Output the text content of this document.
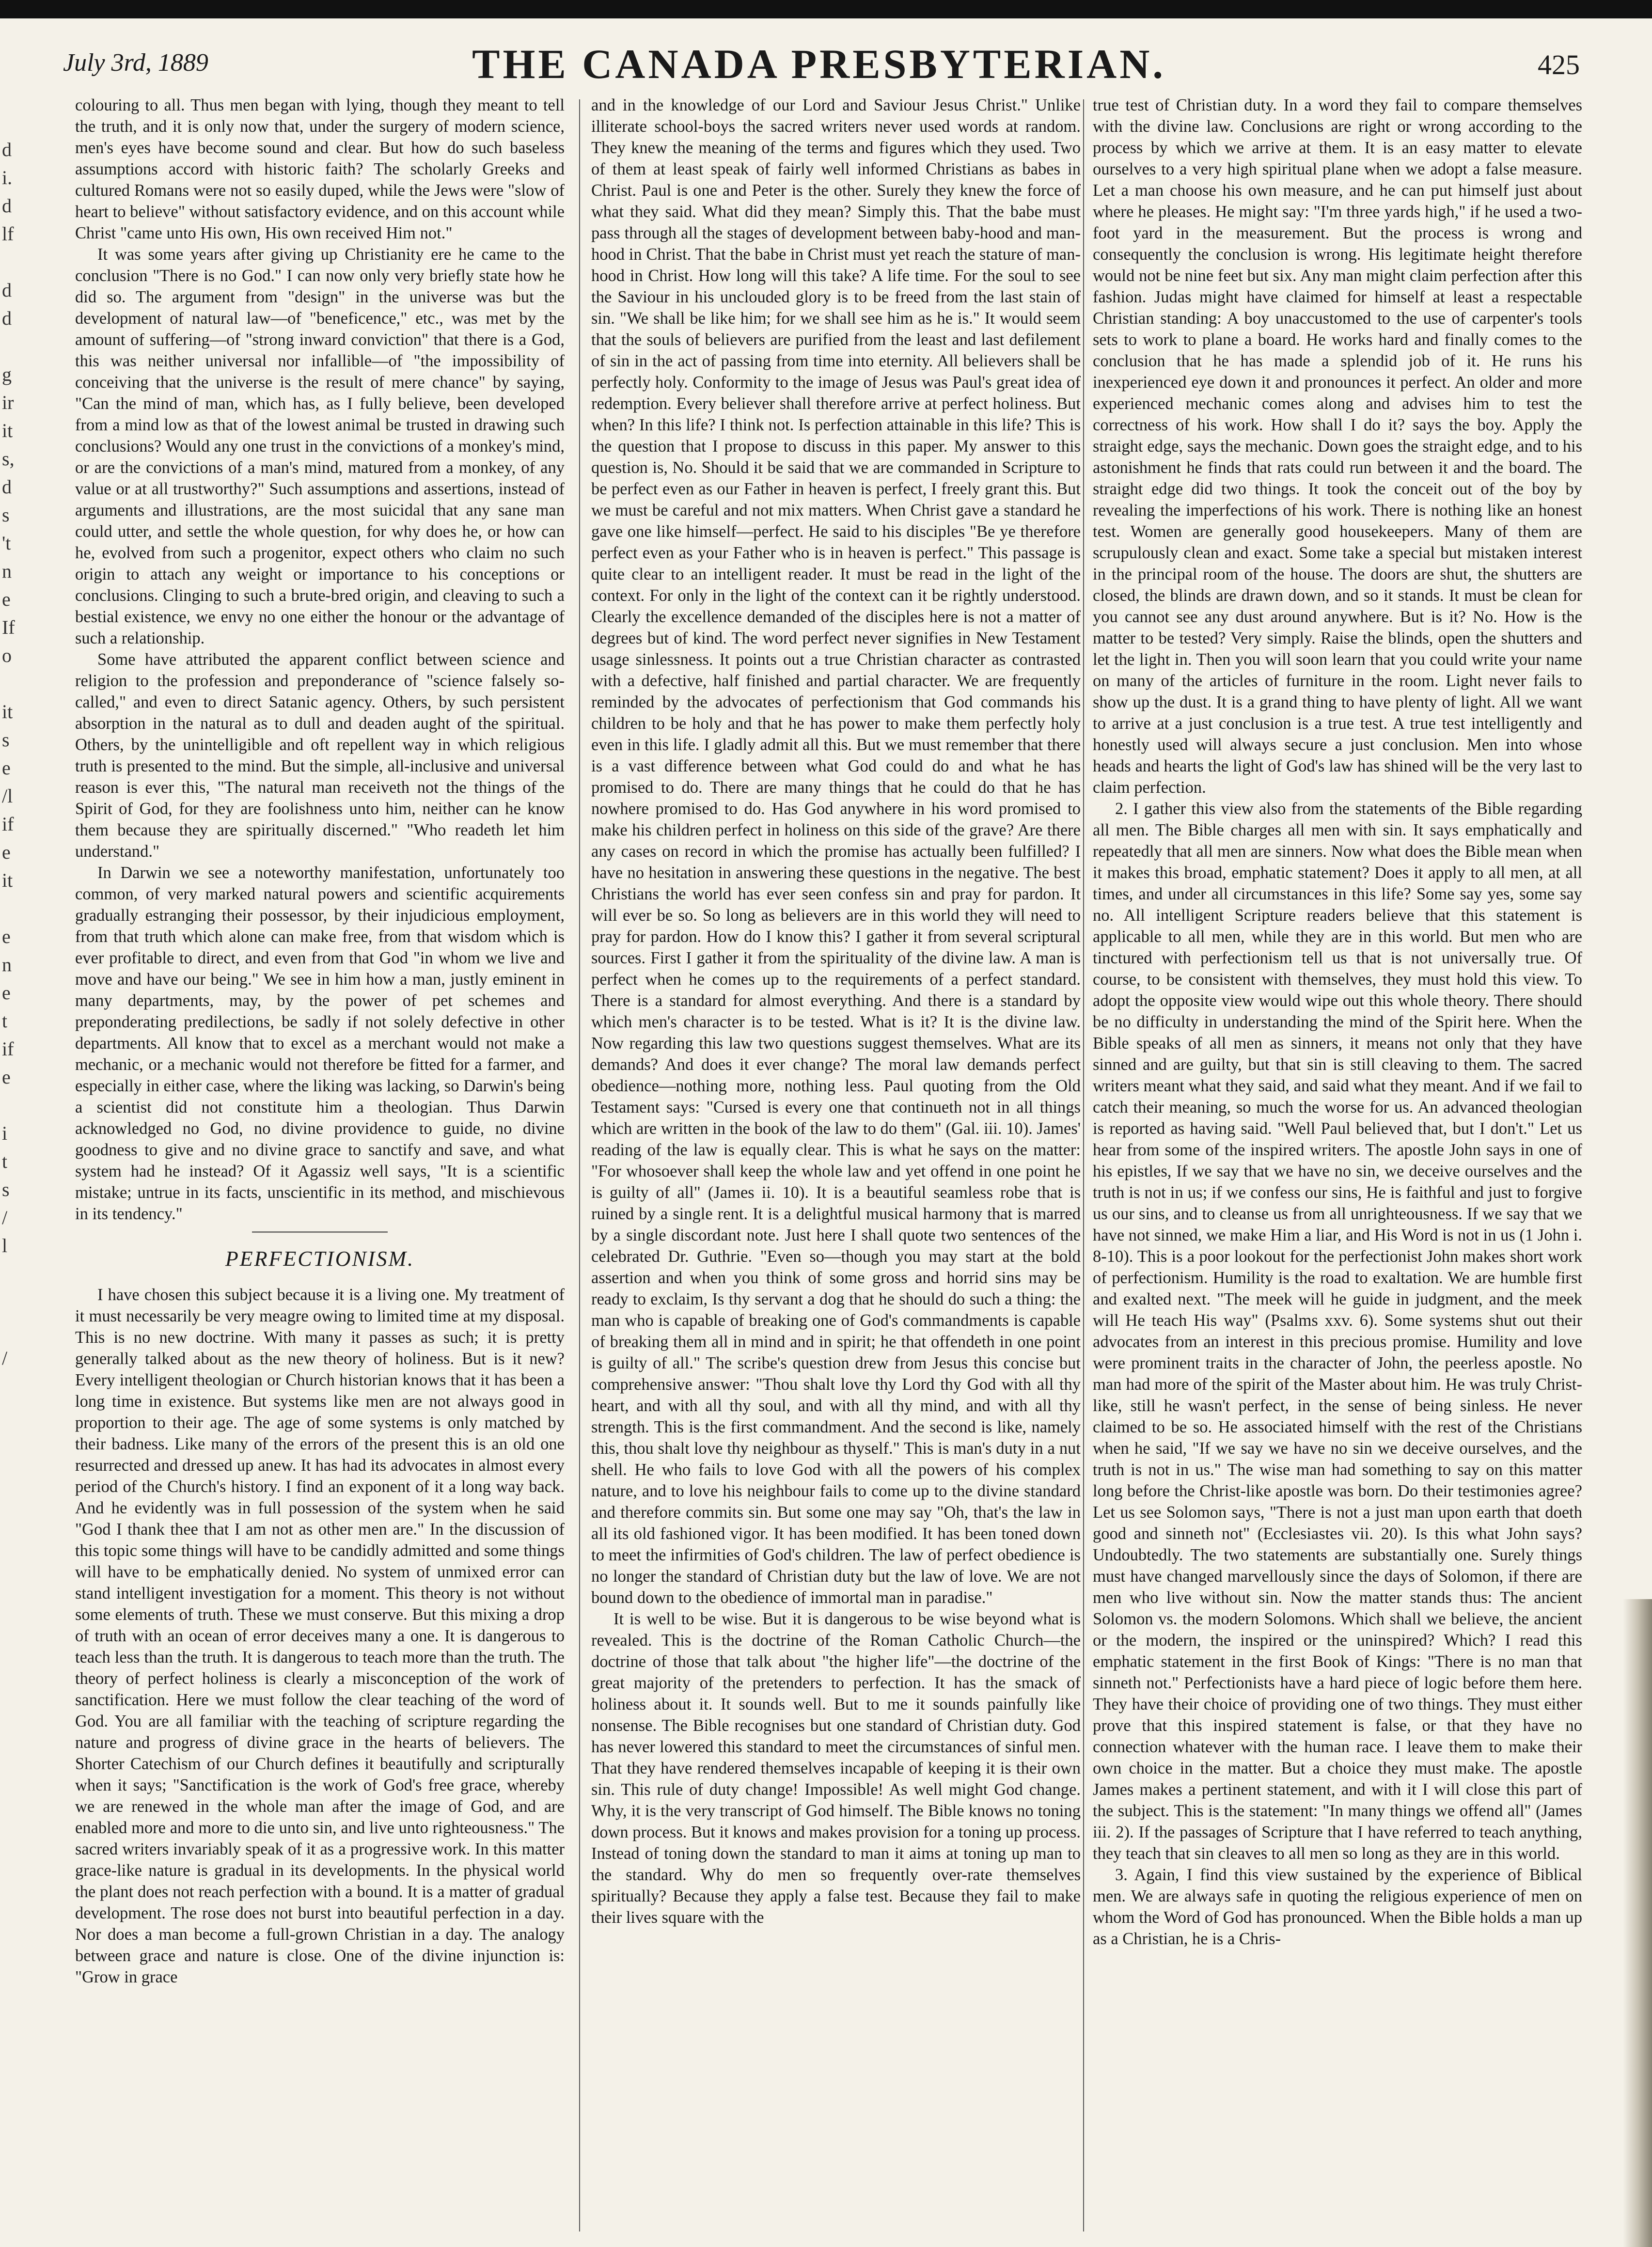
July 3rd, 1889	THE CANADA PRESBYTERIAN.	425
d
i.
d
lf

d
d

g
ir
it
s,
d
s
't
n
e
If
o

it
s
e
/l
if
e
it

e
n
e
t
if
e

i
t
s
/
l

/

colouring to all. Thus men began with lying, though they meant to tell the truth, and it is only now that, under the surgery of modern science, men's eyes have become sound and clear. But how do such baseless assumptions accord with historic faith? The scholarly Greeks and cultured Romans were not so easily duped, while the Jews were "slow of heart to believe" without satisfactory evidence, and on this account while Christ "came unto His own, His own received Him not."

It was some years after giving up Christianity ere he came to the conclusion "There is no God." I can now only very briefly state how he did so. The argument from "design" in the universe was but the development of natural law—of "beneficence," etc., was met by the amount of suffering—of "strong inward conviction" that there is a God, this was neither universal nor infallible—of "the impossibility of conceiving that the universe is the result of mere chance" by saying, "Can the mind of man, which has, as I fully believe, been developed from a mind low as that of the lowest animal be trusted in drawing such conclusions? Would any one trust in the convictions of a monkey's mind, or are the convictions of a man's mind, matured from a monkey, of any value or at all trustworthy?" Such assumptions and assertions, instead of arguments and illustrations, are the most suicidal that any sane man could utter, and settle the whole question, for why does he, or how can he, evolved from such a progenitor, expect others who claim no such origin to attach any weight or importance to his conceptions or conclusions. Clinging to such a brute-bred origin, and cleaving to such a bestial existence, we envy no one either the honour or the advantage of such a relationship.

Some have attributed the apparent conflict between science and religion to the profession and preponderance of "science falsely so-called," and even to direct Satanic agency. Others, by such persistent absorption in the natural as to dull and deaden aught of the spiritual. Others, by the unintelligible and oft repellent way in which religious truth is presented to the mind. But the simple, all-inclusive and universal reason is ever this, "The natural man receiveth not the things of the Spirit of God, for they are foolishness unto him, neither can he know them because they are spiritually discerned." "Who readeth let him understand."

In Darwin we see a noteworthy manifestation, unfortunately too common, of very marked natural powers and scientific acquirements gradually estranging their possessor, by their injudicious employment, from that truth which alone can make free, from that wisdom which is ever profitable to direct, and even from that God "in whom we live and move and have our being." We see in him how a man, justly eminent in many departments, may, by the power of pet schemes and preponderating predilections, be sadly if not solely defective in other departments. All know that to excel as a merchant would not make a mechanic, or a mechanic would not therefore be fitted for a farmer, and especially in either case, where the liking was lacking, so Darwin's being a scientist did not constitute him a theologian. Thus Darwin acknowledged no God, no divine providence to guide, no divine goodness to give and no divine grace to sanctify and save, and what system had he instead? Of it Agassiz well says, "It is a scientific mistake; untrue in its facts, unscientific in its method, and mischievous in its tendency."

PERFECTIONISM.

I have chosen this subject because it is a living one. My treatment of it must necessarily be very meagre owing to limited time at my disposal. This is no new doctrine. With many it passes as such; it is pretty generally talked about as the new theory of holiness. But is it new? Every intelligent theologian or Church historian knows that it has been a long time in existence. But systems like men are not always good in proportion to their age. The age of some systems is only matched by their badness. Like many of the errors of the present this is an old one resurrected and dressed up anew. It has had its advocates in almost every period of the Church's history. I find an exponent of it a long way back. And he evidently was in full possession of the system when he said "God I thank thee that I am not as other men are." In the discussion of this topic some things will have to be candidly admitted and some things will have to be emphatically denied. No system of unmixed error can stand intelligent investigation for a moment. This theory is not without some elements of truth. These we must conserve. But this mixing a drop of truth with an ocean of error deceives many a one. It is dangerous to teach less than the truth. It is dangerous to teach more than the truth. The theory of perfect holiness is clearly a misconception of the work of sanctification. Here we must follow the clear teaching of the word of God. You are all familiar with the teaching of scripture regarding the nature and progress of divine grace in the hearts of believers. The Shorter Catechism of our Church defines it beautifully and scripturally when it says; "Sanctification is the work of God's free grace, whereby we are renewed in the whole man after the image of God, and are enabled more and more to die unto sin, and live unto righteousness." The sacred writers invariably speak of it as a progressive work. In this matter grace-like nature is gradual in its developments. In the physical world the plant does not reach perfection with a bound. It is a matter of gradual development. The rose does not burst into beautiful perfection in a day. Nor does a man become a full-grown Christian in a day. The analogy between grace and nature is close. One of the divine injunction is: "Grow in grace

and in the knowledge of our Lord and Saviour Jesus Christ." Unlike illiterate school-boys the sacred writers never used words at random. They knew the meaning of the terms and figures which they used. Two of them at least speak of fairly well informed Christians as babes in Christ. Paul is one and Peter is the other. Surely they knew the force of what they said. What did they mean? Simply this. That the babe must pass through all the stages of development between baby-hood and man-hood in Christ. That the babe in Christ must yet reach the stature of man-hood in Christ. How long will this take? A life time. For the soul to see the Saviour in his unclouded glory is to be freed from the last stain of sin. "We shall be like him; for we shall see him as he is." It would seem that the souls of believers are purified from the least and last defilement of sin in the act of passing from time into eternity. All believers shall be perfectly holy. Conformity to the image of Jesus was Paul's great idea of redemption. Every believer shall therefore arrive at perfect holiness. But when? In this life? I think not. Is perfection attainable in this life? This is the question that I propose to discuss in this paper. My answer to this question is, No. Should it be said that we are commanded in Scripture to be perfect even as our Father in heaven is perfect, I freely grant this. But we must be careful and not mix matters. When Christ gave a standard he gave one like himself—perfect. He said to his disciples "Be ye therefore perfect even as your Father who is in heaven is perfect." This passage is quite clear to an intelligent reader. It must be read in the light of the context. For only in the light of the context can it be rightly understood. Clearly the excellence demanded of the disciples here is not a matter of degrees but of kind. The word perfect never signifies in New Testament usage sinlessness. It points out a true Christian character as contrasted with a defective, half finished and partial character. We are frequently reminded by the advocates of perfectionism that God commands his children to be holy and that he has power to make them perfectly holy even in this life. I gladly admit all this. But we must remember that there is a vast difference between what God could do and what he has promised to do. There are many things that he could do that he has nowhere promised to do. Has God anywhere in his word promised to make his children perfect in holiness on this side of the grave? Are there any cases on record in which the promise has actually been fulfilled? I have no hesitation in answering these questions in the negative. The best Christians the world has ever seen confess sin and pray for pardon. It will ever be so. So long as believers are in this world they will need to pray for pardon. How do I know this? I gather it from several scriptural sources. First I gather it from the spirituality of the divine law. A man is perfect when he comes up to the requirements of a perfect standard. There is a standard for almost everything. And there is a standard by which men's character is to be tested. What is it? It is the divine law. Now regarding this law two questions suggest themselves. What are its demands? And does it ever change? The moral law demands perfect obedience—nothing more, nothing less. Paul quoting from the Old Testament says: "Cursed is every one that continueth not in all things which are written in the book of the law to do them" (Gal. iii. 10). James' reading of the law is equally clear. This is what he says on the matter: "For whosoever shall keep the whole law and yet offend in one point he is guilty of all" (James ii. 10). It is a beautiful seamless robe that is ruined by a single rent. It is a delightful musical harmony that is marred by a single discordant note. Just here I shall quote two sentences of the celebrated Dr. Guthrie. "Even so—though you may start at the bold assertion and when you think of some gross and horrid sins may be ready to exclaim, Is thy servant a dog that he should do such a thing: the man who is capable of breaking one of God's commandments is capable of breaking them all in mind and in spirit; he that offendeth in one point is guilty of all." The scribe's question drew from Jesus this concise but comprehensive answer: "Thou shalt love thy Lord thy God with all thy heart, and with all thy soul, and with all thy mind, and with all thy strength. This is the first commandment. And the second is like, namely this, thou shalt love thy neighbour as thyself." This is man's duty in a nut shell. He who fails to love God with all the powers of his complex nature, and to love his neighbour fails to come up to the divine standard and therefore commits sin. But some one may say "Oh, that's the law in all its old fashioned vigor. It has been modified. It has been toned down to meet the infirmities of God's children. The law of perfect obedience is no longer the standard of Christian duty but the law of love. We are not bound down to the obedience of immortal man in paradise."

It is well to be wise. But it is dangerous to be wise beyond what is revealed. This is the doctrine of the Roman Catholic Church—the doctrine of those that talk about "the higher life"—the doctrine of the great majority of the pretenders to perfection. It has the smack of holiness about it. It sounds well. But to me it sounds painfully like nonsense. The Bible recognises but one standard of Christian duty. God has never lowered this standard to meet the circumstances of sinful men. That they have rendered themselves incapable of keeping it is their own sin. This rule of duty change! Impossible! As well might God change. Why, it is the very transcript of God himself. The Bible knows no toning down process. But it knows and makes provision for a toning up process. Instead of toning down the standard to man it aims at toning up man to the standard. Why do men so frequently over-rate themselves spiritually? Because they apply a false test. Because they fail to make their lives square with the

true test of Christian duty. In a word they fail to compare themselves with the divine law. Conclusions are right or wrong according to the process by which we arrive at them. It is an easy matter to elevate ourselves to a very high spiritual plane when we adopt a false measure. Let a man choose his own measure, and he can put himself just about where he pleases. He might say: "I'm three yards high," if he used a two-foot yard in the measurement. But the process is wrong and consequently the conclusion is wrong. His legitimate height therefore would not be nine feet but six. Any man might claim perfection after this fashion. Judas might have claimed for himself at least a respectable Christian standing: A boy unaccustomed to the use of carpenter's tools sets to work to plane a board. He works hard and finally comes to the conclusion that he has made a splendid job of it. He runs his inexperienced eye down it and pronounces it perfect. An older and more experienced mechanic comes along and advises him to test the correctness of his work. How shall I do it? says the boy. Apply the straight edge, says the mechanic. Down goes the straight edge, and to his astonishment he finds that rats could run between it and the board. The straight edge did two things. It took the conceit out of the boy by revealing the imperfections of his work. There is nothing like an honest test. Women are generally good housekeepers. Many of them are scrupulously clean and exact. Some take a special but mistaken interest in the principal room of the house. The doors are shut, the shutters are closed, the blinds are drawn down, and so it stands. It must be clean for you cannot see any dust around anywhere. But is it? No. How is the matter to be tested? Very simply. Raise the blinds, open the shutters and let the light in. Then you will soon learn that you could write your name on many of the articles of furniture in the room. Light never fails to show up the dust. It is a grand thing to have plenty of light. All we want to arrive at a just conclusion is a true test. A true test intelligently and honestly used will always secure a just conclusion. Men into whose heads and hearts the light of God's law has shined will be the very last to claim perfection.

2. I gather this view also from the statements of the Bible regarding all men. The Bible charges all men with sin. It says emphatically and repeatedly that all men are sinners. Now what does the Bible mean when it makes this broad, emphatic statement? Does it apply to all men, at all times, and under all circumstances in this life? Some say yes, some say no. All intelligent Scripture readers believe that this statement is applicable to all men, while they are in this world. But men who are tinctured with perfectionism tell us that is not universally true. Of course, to be consistent with themselves, they must hold this view. To adopt the opposite view would wipe out this whole theory. There should be no difficulty in understanding the mind of the Spirit here. When the Bible speaks of all men as sinners, it means not only that they have sinned and are guilty, but that sin is still cleaving to them. The sacred writers meant what they said, and said what they meant. And if we fail to catch their meaning, so much the worse for us. An advanced theologian is reported as having said. "Well Paul believed that, but I don't." Let us hear from some of the inspired writers. The apostle John says in one of his epistles, If we say that we have no sin, we deceive ourselves and the truth is not in us; if we confess our sins, He is faithful and just to forgive us our sins, and to cleanse us from all unrighteousness. If we say that we have not sinned, we make Him a liar, and His Word is not in us (1 John i. 8-10). This is a poor lookout for the perfectionist John makes short work of perfectionism. Humility is the road to exaltation. We are humble first and exalted next. "The meek will he guide in judgment, and the meek will He teach His way" (Psalms xxv. 6). Some systems shut out their advocates from an interest in this precious promise. Humility and love were prominent traits in the character of John, the peerless apostle. No man had more of the spirit of the Master about him. He was truly Christ-like, still he wasn't perfect, in the sense of being sinless. He never claimed to be so. He associated himself with the rest of the Christians when he said, "If we say we have no sin we deceive ourselves, and the truth is not in us." The wise man had something to say on this matter long before the Christ-like apostle was born. Do their testimonies agree? Let us see Solomon says, "There is not a just man upon earth that doeth good and sinneth not" (Ecclesiastes vii. 20). Is this what John says? Undoubtedly. The two statements are substantially one. Surely things must have changed marvellously since the days of Solomon, if there are men who live without sin. Now the matter stands thus: The ancient Solomon vs. the modern Solomons. Which shall we believe, the ancient or the modern, the inspired or the uninspired? Which? I read this emphatic statement in the first Book of Kings: "There is no man that sinneth not." Perfectionists have a hard piece of logic before them here. They have their choice of providing one of two things. They must either prove that this inspired statement is false, or that they have no connection whatever with the human race. I leave them to make their own choice in the matter. But a choice they must make. The apostle James makes a pertinent statement, and with it I will close this part of the subject. This is the statement: "In many things we offend all" (James iii. 2). If the passages of Scripture that I have referred to teach anything, they teach that sin cleaves to all men so long as they are in this world.

3. Again, I find this view sustained by the experience of Biblical men. We are always safe in quoting the religious experience of men on whom the Word of God has pronounced. When the Bible holds a man up as a Christian, he is a Chris-
